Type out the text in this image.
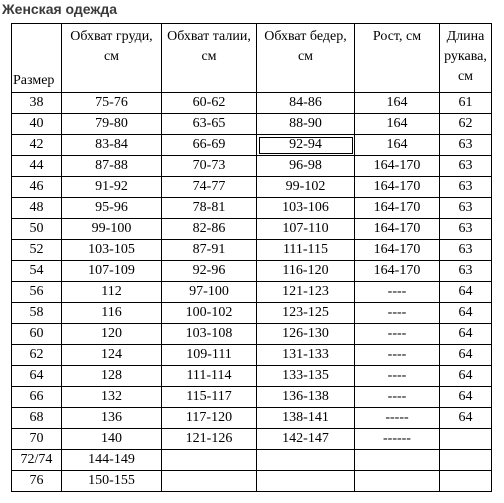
Женская одежда
Размер	Обхват груди, см	Обхват талии, см	Обхват бедер, см	Рост, см	Длина рукава, см
38	75-76	60-62	84-86	164	61
40	79-80	63-65	88-90	164	62
42	83-84	66-69	92-94	164	63
44	87-88	70-73	96-98	164-170	63
46	91-92	74-77	99-102	164-170	63
48	95-96	78-81	103-106	164-170	63
50	99-100	82-86	107-110	164-170	63
52	103-105	87-91	111-115	164-170	63
54	107-109	92-96	116-120	164-170	63
56	112	97-100	121-123	----	64
58	116	100-102	123-125	----	64
60	120	103-108	126-130	----	64
62	124	109-111	131-133	----	64
64	128	111-114	133-135	----	64
66	132	115-117	136-138	----	64
68	136	117-120	138-141	-----	64
70	140	121-126	142-147	------	
72/74	144-149				
76	150-155				
